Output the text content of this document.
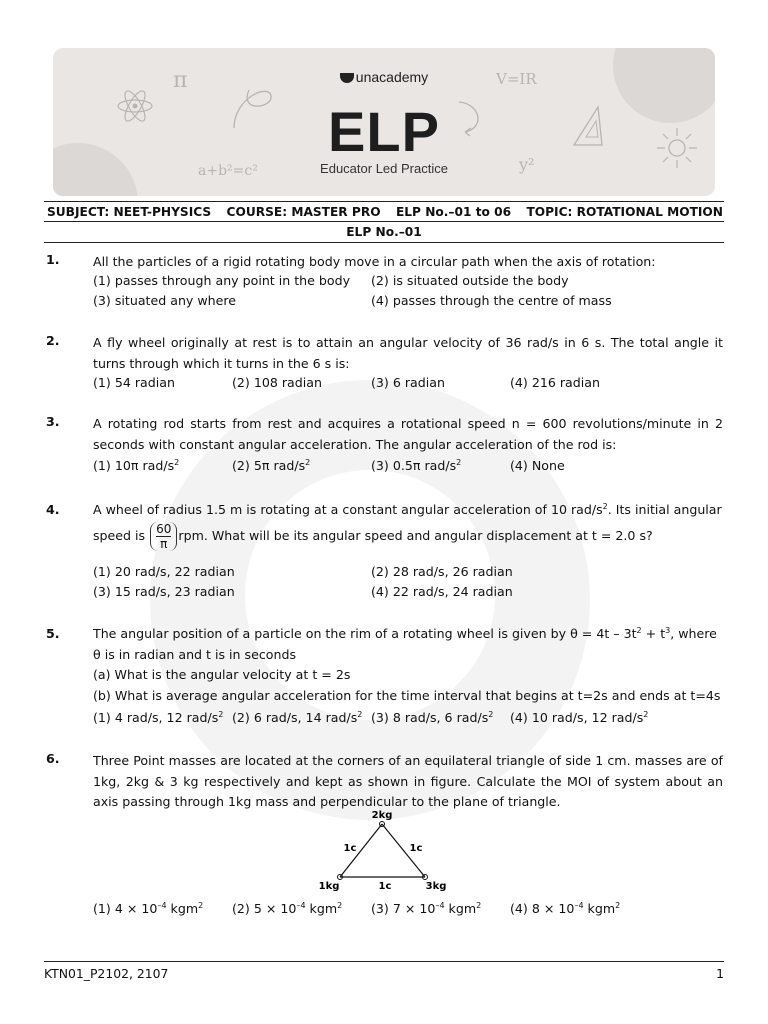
π	V=IR
a+b²=c²	y²
unacademy
ELP
Educator Led Practice
SUBJECT: NEET-PHYSICS COURSE: MASTER PRO ELP No.–01 to 06 TOPIC: ROTATIONAL MOTION
ELP No.–01
1.	All the particles of a rigid rotating body move in a circular path when the axis of rotation:
(1) passes through any point in the body (2) is situated outside the body
(3) situated any where	(4) passes through the centre of mass
2.	A fly wheel originally at rest is to attain an angular velocity of 36 rad/s in 6 s. The total angle it turns through which it turns in the 6 s is:
(1) 54 radian	(2) 108 radian	(3) 6 radian	(4) 216 radian
3.	A rotating rod starts from rest and acquires a rotational speed n = 600 revolutions/minute in 2 seconds with constant angular acceleration. The angular acceleration of the rod is:
(1) 10π rad/$s^2$	(2) 5π rad/$s^2$	(3) 0.5π rad/$s^2$	(4) None
4.	A wheel of radius 1.5 m is rotating at a constant angular acceleration of 10 rad/$s^2$. Its initial angular
speed is $\frac{60}{\pi}$ rpm. What will be its angular speed and angular displacement at t = 2.0 s?
(1) 20 rad/s, 22 radian	(2) 28 rad/s, 26 radian
(3) 15 rad/s, 23 radian	(4) 22 rad/s, 24 radian
5.	The angular position of a particle on the rim of a rotating wheel is given by $\theta = 4t - 3t^2 + t^3$, where
θ is in radian and t is in seconds
(a) What is the angular velocity at t = 2s
(b) What is average angular acceleration for the time interval that begins at t=2s and ends at t=4s
(1) 4 rad/s, 12 rad/$s^2$ (2) 6 rad/s, 14 rad/$s^2$ (3) 8 rad/s, 6 rad/$s^2$ (4) 10 rad/s, 12 rad/$s^2$
6.	Three Point masses are located at the corners of an equilateral triangle of side 1 cm. masses are of 1kg, 2kg & 3 kg respectively and kept as shown in figure. Calculate the MOI of system about an axis passing through 1kg mass and perpendicular to the plane of triangle.
2kg
1kg	3kg
1c	1c
1c
(1) $4 \times 10^{-4}$ kgm$^2$ (2) $5 \times 10^{-4}$ kgm$^2$ (3) $7 \times 10^{-4}$ kgm$^2$ (4) $8 \times 10^{-4}$ kgm$^2$
KTN01_P2102, 2107	1
